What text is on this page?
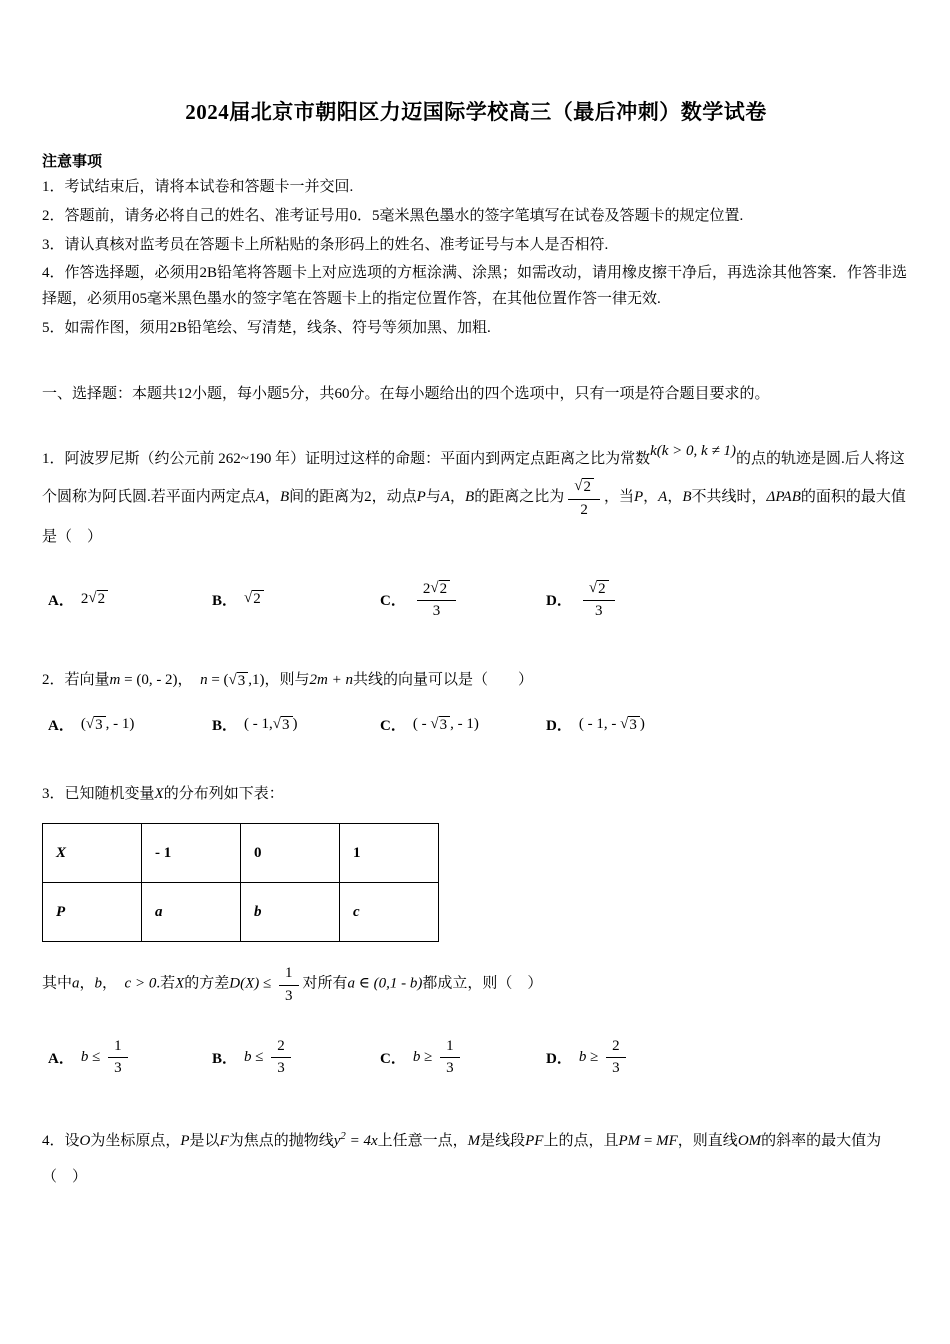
2024届北京市朝阳区力迈国际学校高三（最后冲刺）数学试卷
注意事项

1．考试结束后，请将本试卷和答题卡一并交回.

2．答题前，请务必将自己的姓名、准考证号用0．5毫米黑色墨水的签字笔填写在试卷及答题卡的规定位置.

3．请认真核对监考员在答题卡上所粘贴的条形码上的姓名、准考证号与本人是否相符.

4．作答选择题，必须用2B铅笔将答题卡上对应选项的方框涂满、涂黑；如需改动，请用橡皮擦干净后，再选涂其他答案．作答非选择题，必须用05毫米黑色墨水的签字笔在答题卡上的指定位置作答，在其他位置作答一律无效.

5．如需作图，须用2B铅笔绘、写清楚，线条、符号等须加黑、加粗.

一、选择题：本题共12小题，每小题5分，共60分。在每小题给出的四个选项中，只有一项是符合题目要求的。

1．阿波罗尼斯（约公元前 262~190 年）证明过这样的命题：平面内到两定点距离之比为常数k(k > 0, k ≠ 1)的点的轨迹是圆.后人将这个圆称为阿氏圆.若平面内两定点A，B间的距离为2，动点P与A，B的距离之比为 $\frac{√ 2}{2}$ ，当P，A，B不共线时，ΔPAB的面积的最大值是（　）

A． 2 √ 2	B． √ 2	C． $\frac{2 √ 2}{3}$	D． $\frac{√ 2}{3}$

2．若向量m = (0, - 2)，　n = ( √ 3 ,1)，则与2m + n共线的向量可以是（　　）

A． ( √ 3 , - 1)	B． ( - 1, √ 3 )	C． ( - √ 3 , - 1)	D． ( - 1, - √ 3 )

3．已知随机变量X的分布列如下表：

X	- 1	0	1
P	a	b	c

其中a，b，　c > 0.若X的方差$D(X) \le \frac{1}{3}$ 对所有a ∈ (0,1 - b)都成立，则（　）

A． $b \le \frac{1}{3}$	B． $b \le \frac{2}{3}$	C． $b \ge \frac{1}{3}$	D． $b \ge \frac{2}{3}$

4．设O为坐标原点，P是以F为焦点的抛物线$y^2 = 4x$上任意一点，M是线段PF上的点，且PM = MF，则直线OM的斜率的最大值为（　）
